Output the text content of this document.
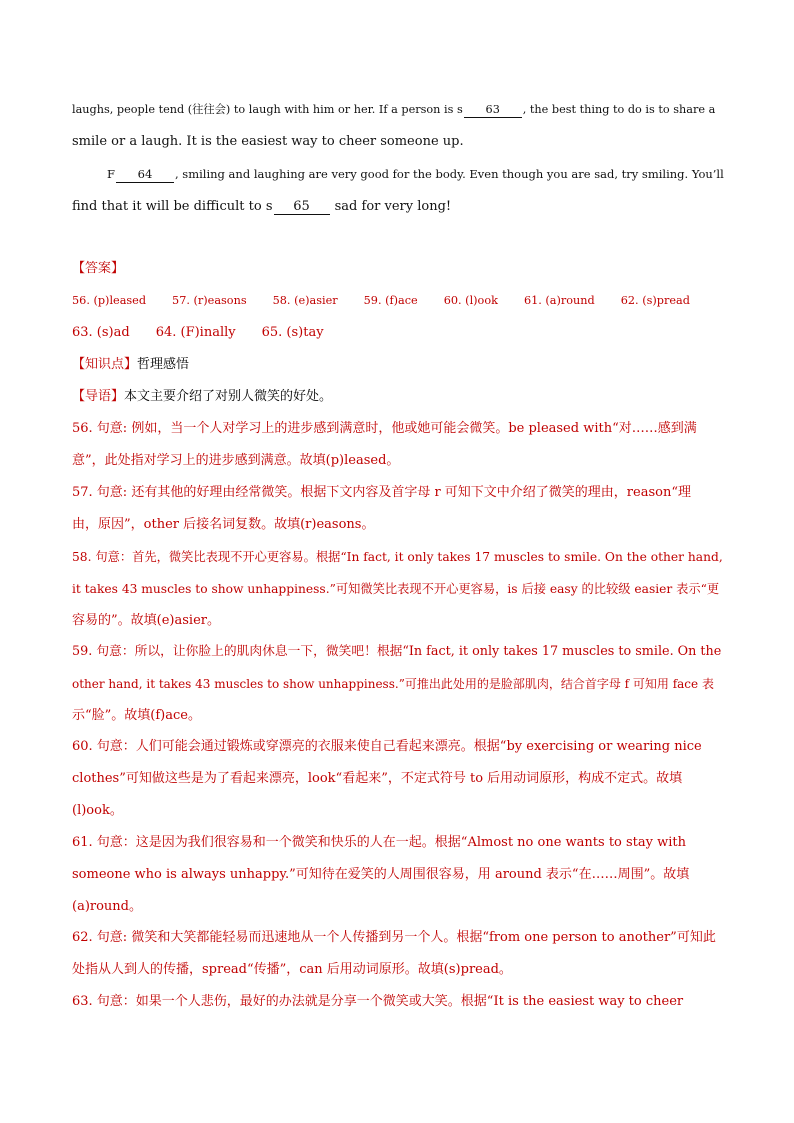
laughs, people tend (往往会) to laugh with him or her. If a person is s 63 , the best thing to do is to share a
smile or a laugh. It is the easiest way to cheer someone up.
F 64 , smiling and laughing are very good for the body. Even though you are sad, try smiling. You’ll
find that it will be difficult to s 65 sad for very long!
【答案】
56. (p)leased 57. (r)easons 58. (e)asier 59. (f)ace 60. (l)ook 61. (a)round 62. (s)pread
63. (s)ad 64. (F)inally 65. (s)tay
【知识点】哲理感悟
【导语】本文主要介绍了对别人微笑的好处。
56. 句意: 例如，当一个人对学习上的进步感到满意时，他或她可能会微笑。be pleased with“对……感到满
意”，此处指对学习上的进步感到满意。故填(p)leased。
57. 句意: 还有其他的好理由经常微笑。根据下文内容及首字母 r 可知下文中介绍了微笑的理由，reason“理
由，原因”，other 后接名词复数。故填(r)easons。
58. 句意：首先，微笑比表现不开心更容易。根据“In fact, it only takes 17 muscles to smile. On the other hand,
it takes 43 muscles to show unhappiness.”可知微笑比表现不开心更容易，is 后接 easy 的比较级 easier 表示“更
容易的”。故填(e)asier。
59. 句意：所以，让你脸上的肌肉休息一下，微笑吧！根据“In fact, it only takes 17 muscles to smile. On the
other hand, it takes 43 muscles to show unhappiness.”可推出此处用的是脸部肌肉，结合首字母 f 可知用 face 表
示“脸”。故填(f)ace。
60. 句意：人们可能会通过锻炼或穿漂亮的衣服来使自己看起来漂亮。根据“by exercising or wearing nice
clothes”可知做这些是为了看起来漂亮，look“看起来”，不定式符号 to 后用动词原形，构成不定式。故填
(l)ook。
61. 句意：这是因为我们很容易和一个微笑和快乐的人在一起。根据“Almost no one wants to stay with
someone who is always unhappy.”可知待在爱笑的人周围很容易，用 around 表示“在……周围”。故填
(a)round。
62. 句意: 微笑和大笑都能轻易而迅速地从一个人传播到另一个人。根据“from one person to another”可知此
处指从人到人的传播，spread“传播”，can 后用动词原形。故填(s)pread。
63. 句意：如果一个人悲伤，最好的办法就是分享一个微笑或大笑。根据“It is the easiest way to cheer
